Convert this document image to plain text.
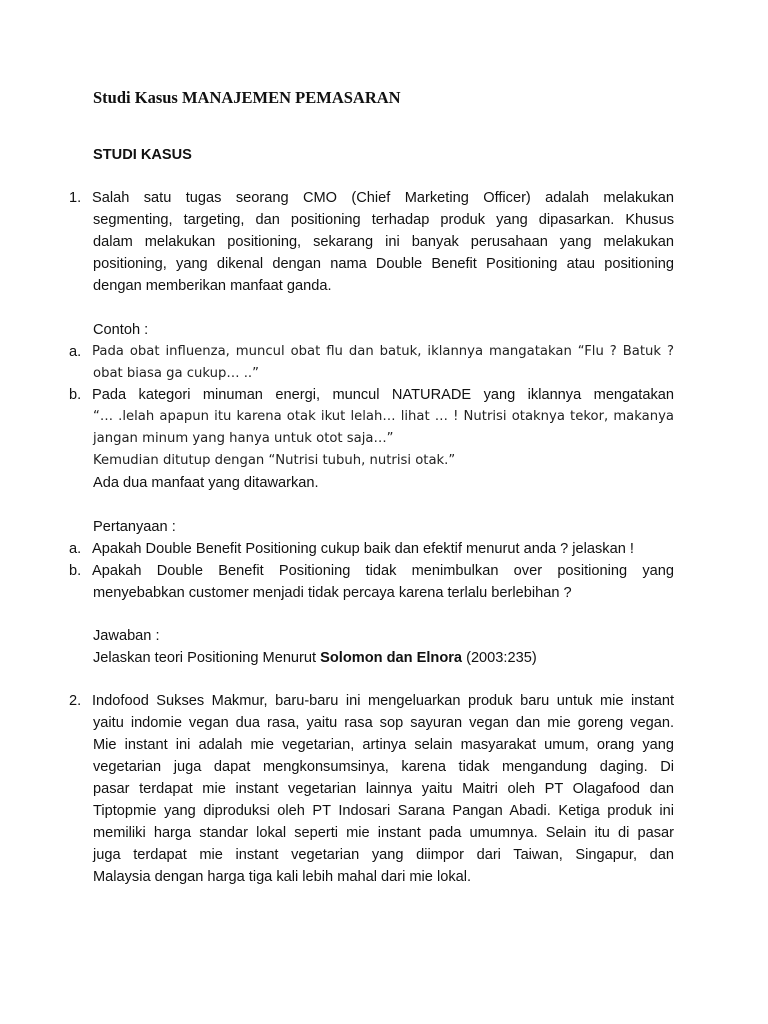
Studi Kasus MANAJEMEN PEMASARAN
STUDI KASUS
1. Salah satu tugas seorang CMO (Chief Marketing Officer) adalah melakukan
segmenting, targeting, dan positioning terhadap produk yang dipasarkan. Khusus
dalam melakukan positioning, sekarang ini banyak perusahaan yang melakukan
positioning, yang dikenal dengan nama Double Benefit Positioning atau positioning
dengan memberikan manfaat ganda.
Contoh :
a. Pada obat influenza, muncul obat flu dan batuk, iklannya mangatakan “Flu ? Batuk ?
obat biasa ga cukup… ..”
b. Pada kategori minuman energi, muncul NATURADE yang iklannya mengatakan
“… .lelah apapun itu karena otak ikut lelah… lihat … ! Nutrisi otaknya tekor, makanya
jangan minum yang hanya untuk otot saja…”
Kemudian ditutup dengan “Nutrisi tubuh, nutrisi otak.”
Ada dua manfaat yang ditawarkan.
Pertanyaan :
a. Apakah Double Benefit Positioning cukup baik dan efektif menurut anda ? jelaskan !
b. Apakah Double Benefit Positioning tidak menimbulkan over positioning yang
menyebabkan customer menjadi tidak percaya karena terlalu berlebihan ?
Jawaban :
Jelaskan teori Positioning Menurut Solomon dan Elnora (2003:235)
2. Indofood Sukses Makmur, baru-baru ini mengeluarkan produk baru untuk mie instant
yaitu indomie vegan dua rasa, yaitu rasa sop sayuran vegan dan mie goreng vegan.
Mie instant ini adalah mie vegetarian, artinya selain masyarakat umum, orang yang
vegetarian juga dapat mengkonsumsinya, karena tidak mengandung daging. Di
pasar terdapat mie instant vegetarian lainnya yaitu Maitri oleh PT Olagafood dan
Tiptopmie yang diproduksi oleh PT Indosari Sarana Pangan Abadi. Ketiga produk ini
memiliki harga standar lokal seperti mie instant pada umumnya. Selain itu di pasar
juga terdapat mie instant vegetarian yang diimpor dari Taiwan, Singapur, dan
Malaysia dengan harga tiga kali lebih mahal dari mie lokal.
